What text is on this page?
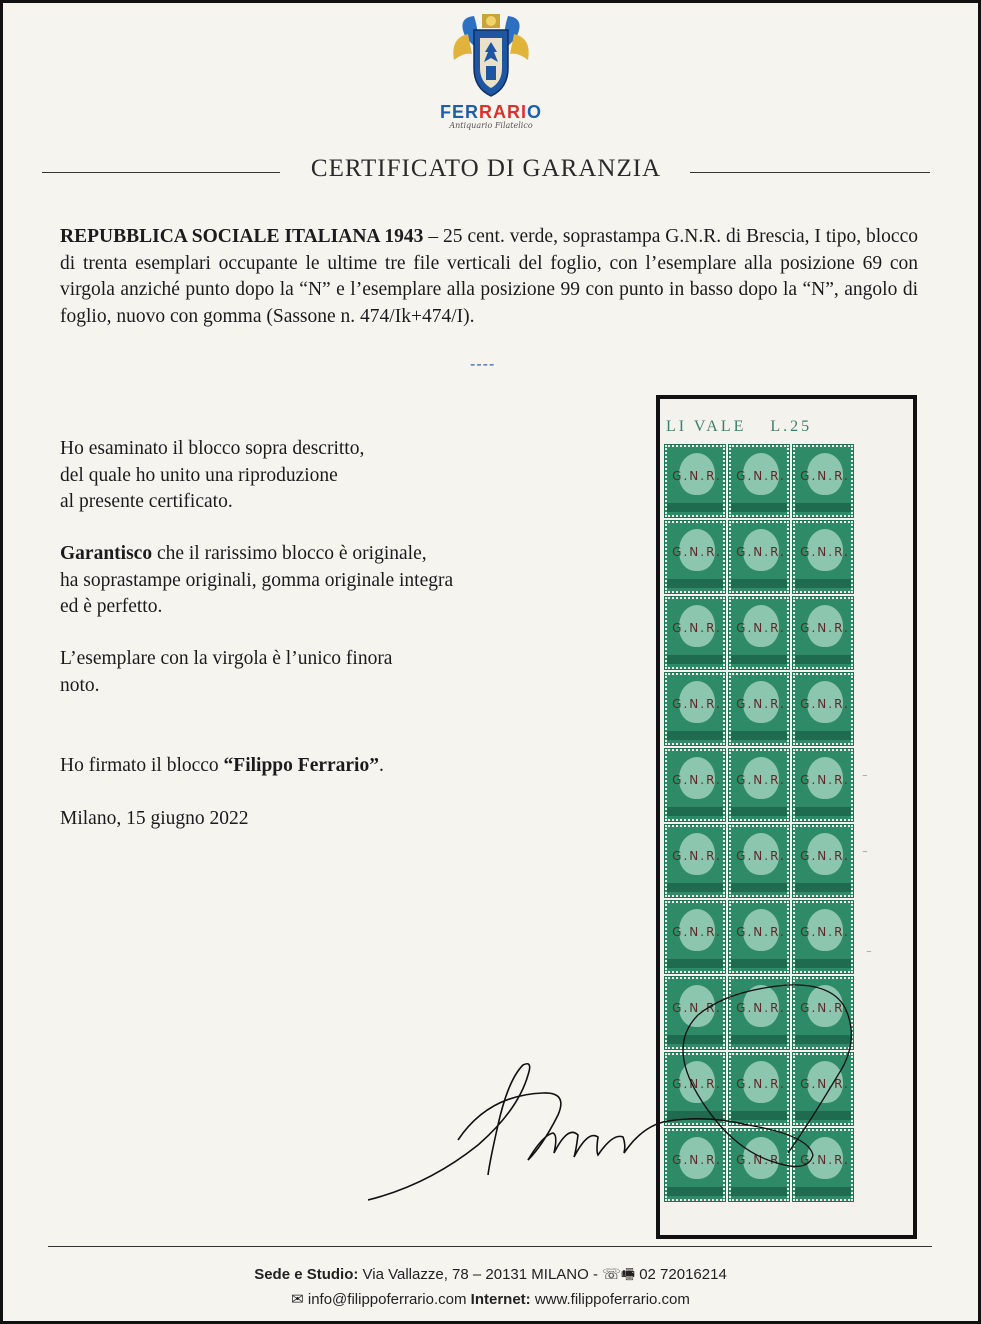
FERRARIO
Antiquario Filatelico
CERTIFICATO DI GARANZIA
REPUBBLICA SOCIALE ITALIANA 1943 – 25 cent. verde, soprastampa G.N.R. di Brescia, I tipo, blocco di trenta esemplari occupante le ultime tre file verticali del foglio, con l’esemplare alla posizione 69 con virgola anziché punto dopo la “N” e l’esemplare alla posizione 99 con punto in basso dopo la “N”, angolo di foglio, nuovo con gomma (Sassone n. 474/Ik+474/I).
----
Ho esaminato il blocco sopra descritto,
del quale ho unito una riproduzione
al presente certificato.
Garantisco che il rarissimo blocco è originale,
ha soprastampe originali, gomma originale integra
ed è perfetto.
L’esemplare con la virgola è l’unico finora
noto.
Ho firmato il blocco “Filippo Ferrario”.
Milano, 15 giugno 2022
LI VALE L.25
G.N.R. G.N.R. G.N.R.
G.N.R. G.N.R. G.N.R.
G.N.R. G.N.R. G.N.R.
G.N.R. G.N.R. G.N.R.
G.N.R. G.N.R. G.N.R.
G.N.R. G.N.R. G.N.R.
G.N.R. G.N.R. G.N.R.
G.N.R. G.N.R. G.N.R.
G.N.R. G.N.R. G.N.R.
G.N.R. G.N.R. G.N.R.
~
~
~
Sede e Studio: Via Vallazze, 78 – 20131 MILANO - ☏🖷 02 72016214
✉ info@filippoferrario.com Internet: www.filippoferrario.com
